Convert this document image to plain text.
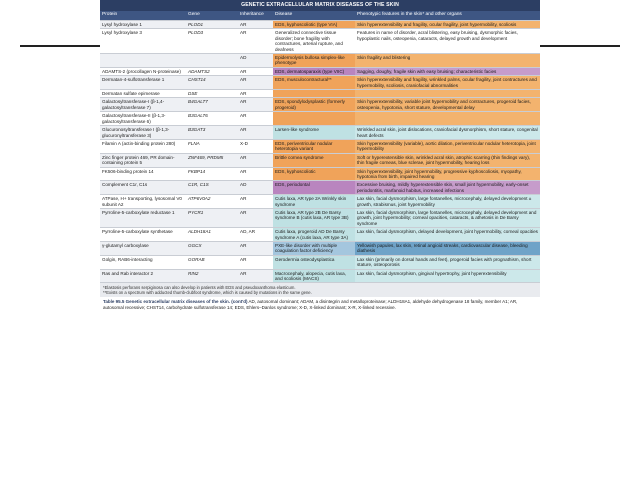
GENETIC EXTRACELLULAR MATRIX DISEASES OF THE SKIN
Protein	Gene	Inheritance	Disease	Phenotypic features in the skin* and other organs
Lysyl hydroxylase 1	PLOD1	AR	EDS, kyphoscoliotic (type VIA)	Skin hyperextensibility and fragility, ocular fragility, joint hypermobility, scoliosis
Lysyl hydroxylase 3	PLOD3	AR	Generalized connective tissue disorder; bone fragility with contractures, arterial rupture, and deafness	Features in name of disorder, acral blistering, easy bruising, dysmorphic facies, hypoplastic nails, osteopenia, cataracts, delayed growth and development
		AD	Epidermolysis bullosa simplex-like phenotype	Skin fragility and blistering
ADAMTS-2 (procollagen N-proteinase)	ADAMTS2	AR	EDS, dermatosparaxis (type VIIC)	Sagging, doughy, fragile skin with easy bruising; characteristic facies
Dermatan-4-sulfotransferase 1	CHST14	AR	EDS, musculocontractural**	Skin hyperextensibility and fragility, wrinkled palms, ocular fragility, joint contractures and hypermobility, scoliosis, craniofacial abnormalities
Dermatan sulfate epimerase	DSE	AR		
Galactosyltransferase-I (β-1,4-galactosyltransferase 7)	B4GALT7	AR	EDS, spondylodysplastic (formerly progeroid)	Skin hyperextensibility, variable joint hypermobility and contractures, progeroid facies, osteopenia, hypotonia, short stature, developmental delay
Galactosyltransferase-II (β-1,3-galactosyltransferase 6)	B3GALT6	AR		
Glucuronosyltransferase I (β-1,3-glucuronyltransferase 3)	B3GAT3	AR	Larsen-like syndrome	Wrinkled acral skin, joint dislocations, craniofacial dysmorphism, short stature, congenital heart defects
Filamin A (actin-binding protein 280)	FLNA	X-D	EDS, periventricular nodular heterotopia variant	Skin hyperextensibility (variable), aortic dilation, periventricular nodular heterotopia, joint hypermobility
Zinc finger protein 469, PR domain-containing protein 5	ZNF469, PRDM5	AR	Brittle cornea syndrome	Soft or hyperextensible skin, wrinkled acral skin, atrophic scarring (thin findings vary), thin fragile corneas, blue sclerae, joint hypermobility, hearing loss
FK506-binding protein 14	FKBP14	AR	EDS, kyphoscoliotic	Skin hyperextensibility, joint hypermobility, progressive kyphoscoliosis, myopathy, hypotonia from birth, impaired hearing
Complement C1r, C1s	C1R, C1S	AD	EDS, periodontal	Excessive bruising, mildly hyperextensible skin, small joint hypermobility, early-onset periodontitis, marfanoid habitus, increased infections
ATPase, H+ transporting, lysosomal V0 subunit A2	ATP6V0A2	AR	Cutis laxa, AR type 2A Wrinkly skin syndrome	Lax skin, facial dysmorphism, large fontanelles, microcephaly, delayed development ± growth, strabismus, joint hypermobility
Pyrroline-5-carboxylate reductase 1	PYCR1	AR	Cutis laxa, AR type 2B De Barsy syndrome B (cutis laxa, AR type 3B)	Lax skin, facial dysmorphism, large fontanelles, microcephaly, delayed development and growth, joint hypermobility; corneal opacities, cataracts, & athetosis in De Barsy syndrome
Pyrroline-5-carboxylate synthetase	ALDH18A1	AD, AR	Cutis laxa, progeroid AD De Barsy syndrome A (cutis laxa, AR type 3A)	Lax skin, facial dysmorphism, delayed development, joint hypermobility, corneal opacities
γ-glutamyl carboxylase	GGCX	AR	PXE-like disorder with multiple coagulation factor deficiency	Yellowish papules, lax skin, retinal angioid streaks, cardiovascular disease, bleeding diathesis
Golgin, RAB6-interacting	GORAB	AR	Gerodermia osteodysplastica	Lax skin (primarily on dorsal hands and feet), progeroid facies with prognathism, short stature, osteoporosis
Ras and Rab interactor 2	RIN2	AR	Macrocephaly, alopecia, cutis laxa, and scoliosis (MACS)	Lax skin, facial dysmorphism, gingival hypertrophy, joint hyperextensibility
*Elastosis perforans serpiginosa can also develop in patients with EDS and pseudoxanthoma elasticum.
**Exists on a spectrum with adducted thumb-clubfoot syndrome, which is caused by mutations in the same gene.
Table 95.5 Genetic extracellular matrix diseases of the skin. (cont'd) AD, autosomal dominant; ADAM, a disintegrin and metalloproteinase; ALDH18A1, aldehyde dehydrogenase 18 family, member A1; AR, autosomal recessive; CHST14, carbohydrate sulfotransferase 14; EDS, Ehlers–Danlos syndrome; X-D, X-linked dominant; X-R, X-linked recessive.
